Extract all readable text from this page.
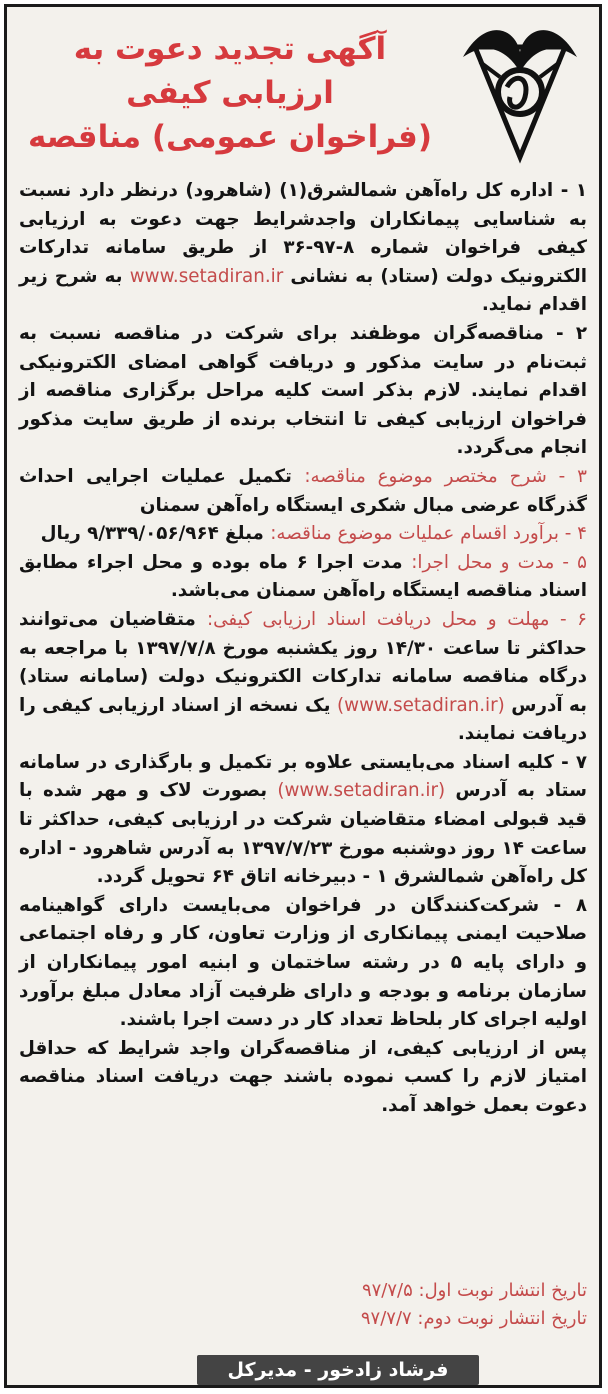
آگهی تجدید دعوت به
ارزیابی کیفی
(فراخوان عمومی) مناقصه

۱ - اداره کل راه‌آهن شمالشرق(۱) (شاهرود) درنظر دارد نسبت به شناسایی پیمانکاران واجدشرایط جهت دعوت به ارزیابی کیفی فراخوان شماره ۸-۹۷-۳۶ از طریق سامانه تدارکات الکترونیک دولت (ستاد) به نشانی www.setadiran.ir به شرح زیر اقدام نماید.

۲ - مناقصه‌گران موظفند برای شرکت در مناقصه نسبت به ثبت‌نام در سایت مذکور و دریافت گواهی امضای الکترونیکی اقدام نمایند. لازم بذکر است کلیه مراحل برگزاری مناقصه از فراخوان ارزیابی کیفی تا انتخاب برنده از طریق سایت مذکور انجام می‌گردد.

۳ - شرح مختصر موضوع مناقصه: تکمیل عملیات اجرایی احداث گذرگاه عرضی مبال شکری ایستگاه راه‌آهن سمنان

۴ - برآورد اقسام عملیات موضوع مناقصه: مبلغ ۹/۳۳۹/۰۵۶/۹۶۴ ریال

۵ - مدت و محل اجرا: مدت اجرا ۶ ماه بوده و محل اجراء مطابق اسناد مناقصه ایستگاه راه‌آهن سمنان می‌باشد.

۶ - مهلت و محل دریافت اسناد ارزیابی کیفی: متقاضیان می‌توانند حداکثر تا ساعت ۱۴/۳۰ روز یکشنبه مورخ ۱۳۹۷/۷/۸ با مراجعه به درگاه مناقصه سامانه تدارکات الکترونیک دولت (سامانه ستاد) به آدرس (www.setadiran.ir) یک نسخه از اسناد ارزیابی کیفی را دریافت نمایند.

۷ - کلیه اسناد می‌بایستی علاوه بر تکمیل و بارگذاری در سامانه ستاد به آدرس (www.setadiran.ir) بصورت لاک و مهر شده با قید قبولی امضاء متقاضیان شرکت در ارزیابی کیفی، حداکثر تا ساعت ۱۴ روز دوشنبه مورخ ۱۳۹۷/۷/۲۳ به آدرس شاهرود - اداره کل راه‌آهن شمالشرق ۱ - دبیرخانه اتاق ۶۴ تحویل گردد.

۸ - شرکت‌کنندگان در فراخوان می‌بایست دارای گواهینامه صلاحیت ایمنی پیمانکاری از وزارت تعاون، کار و رفاه اجتماعی و دارای پایه ۵ در رشته ساختمان و ابنیه امور پیمانکاران از سازمان برنامه و بودجه و دارای ظرفیت آزاد معادل مبلغ برآورد اولیه اجرای کار بلحاظ تعداد کار در دست اجرا باشند.

پس از ارزیابی کیفی، از مناقصه‌گران واجد شرایط که حداقل امتیاز لازم را کسب نموده باشند جهت دریافت اسناد مناقصه دعوت بعمل خواهد آمد.

تاریخ انتشار نوبت اول: ۹۷/۷/۵
تاریخ انتشار نوبت دوم: ۹۷/۷/۷
فرشاد زادخور - مدیرکل
